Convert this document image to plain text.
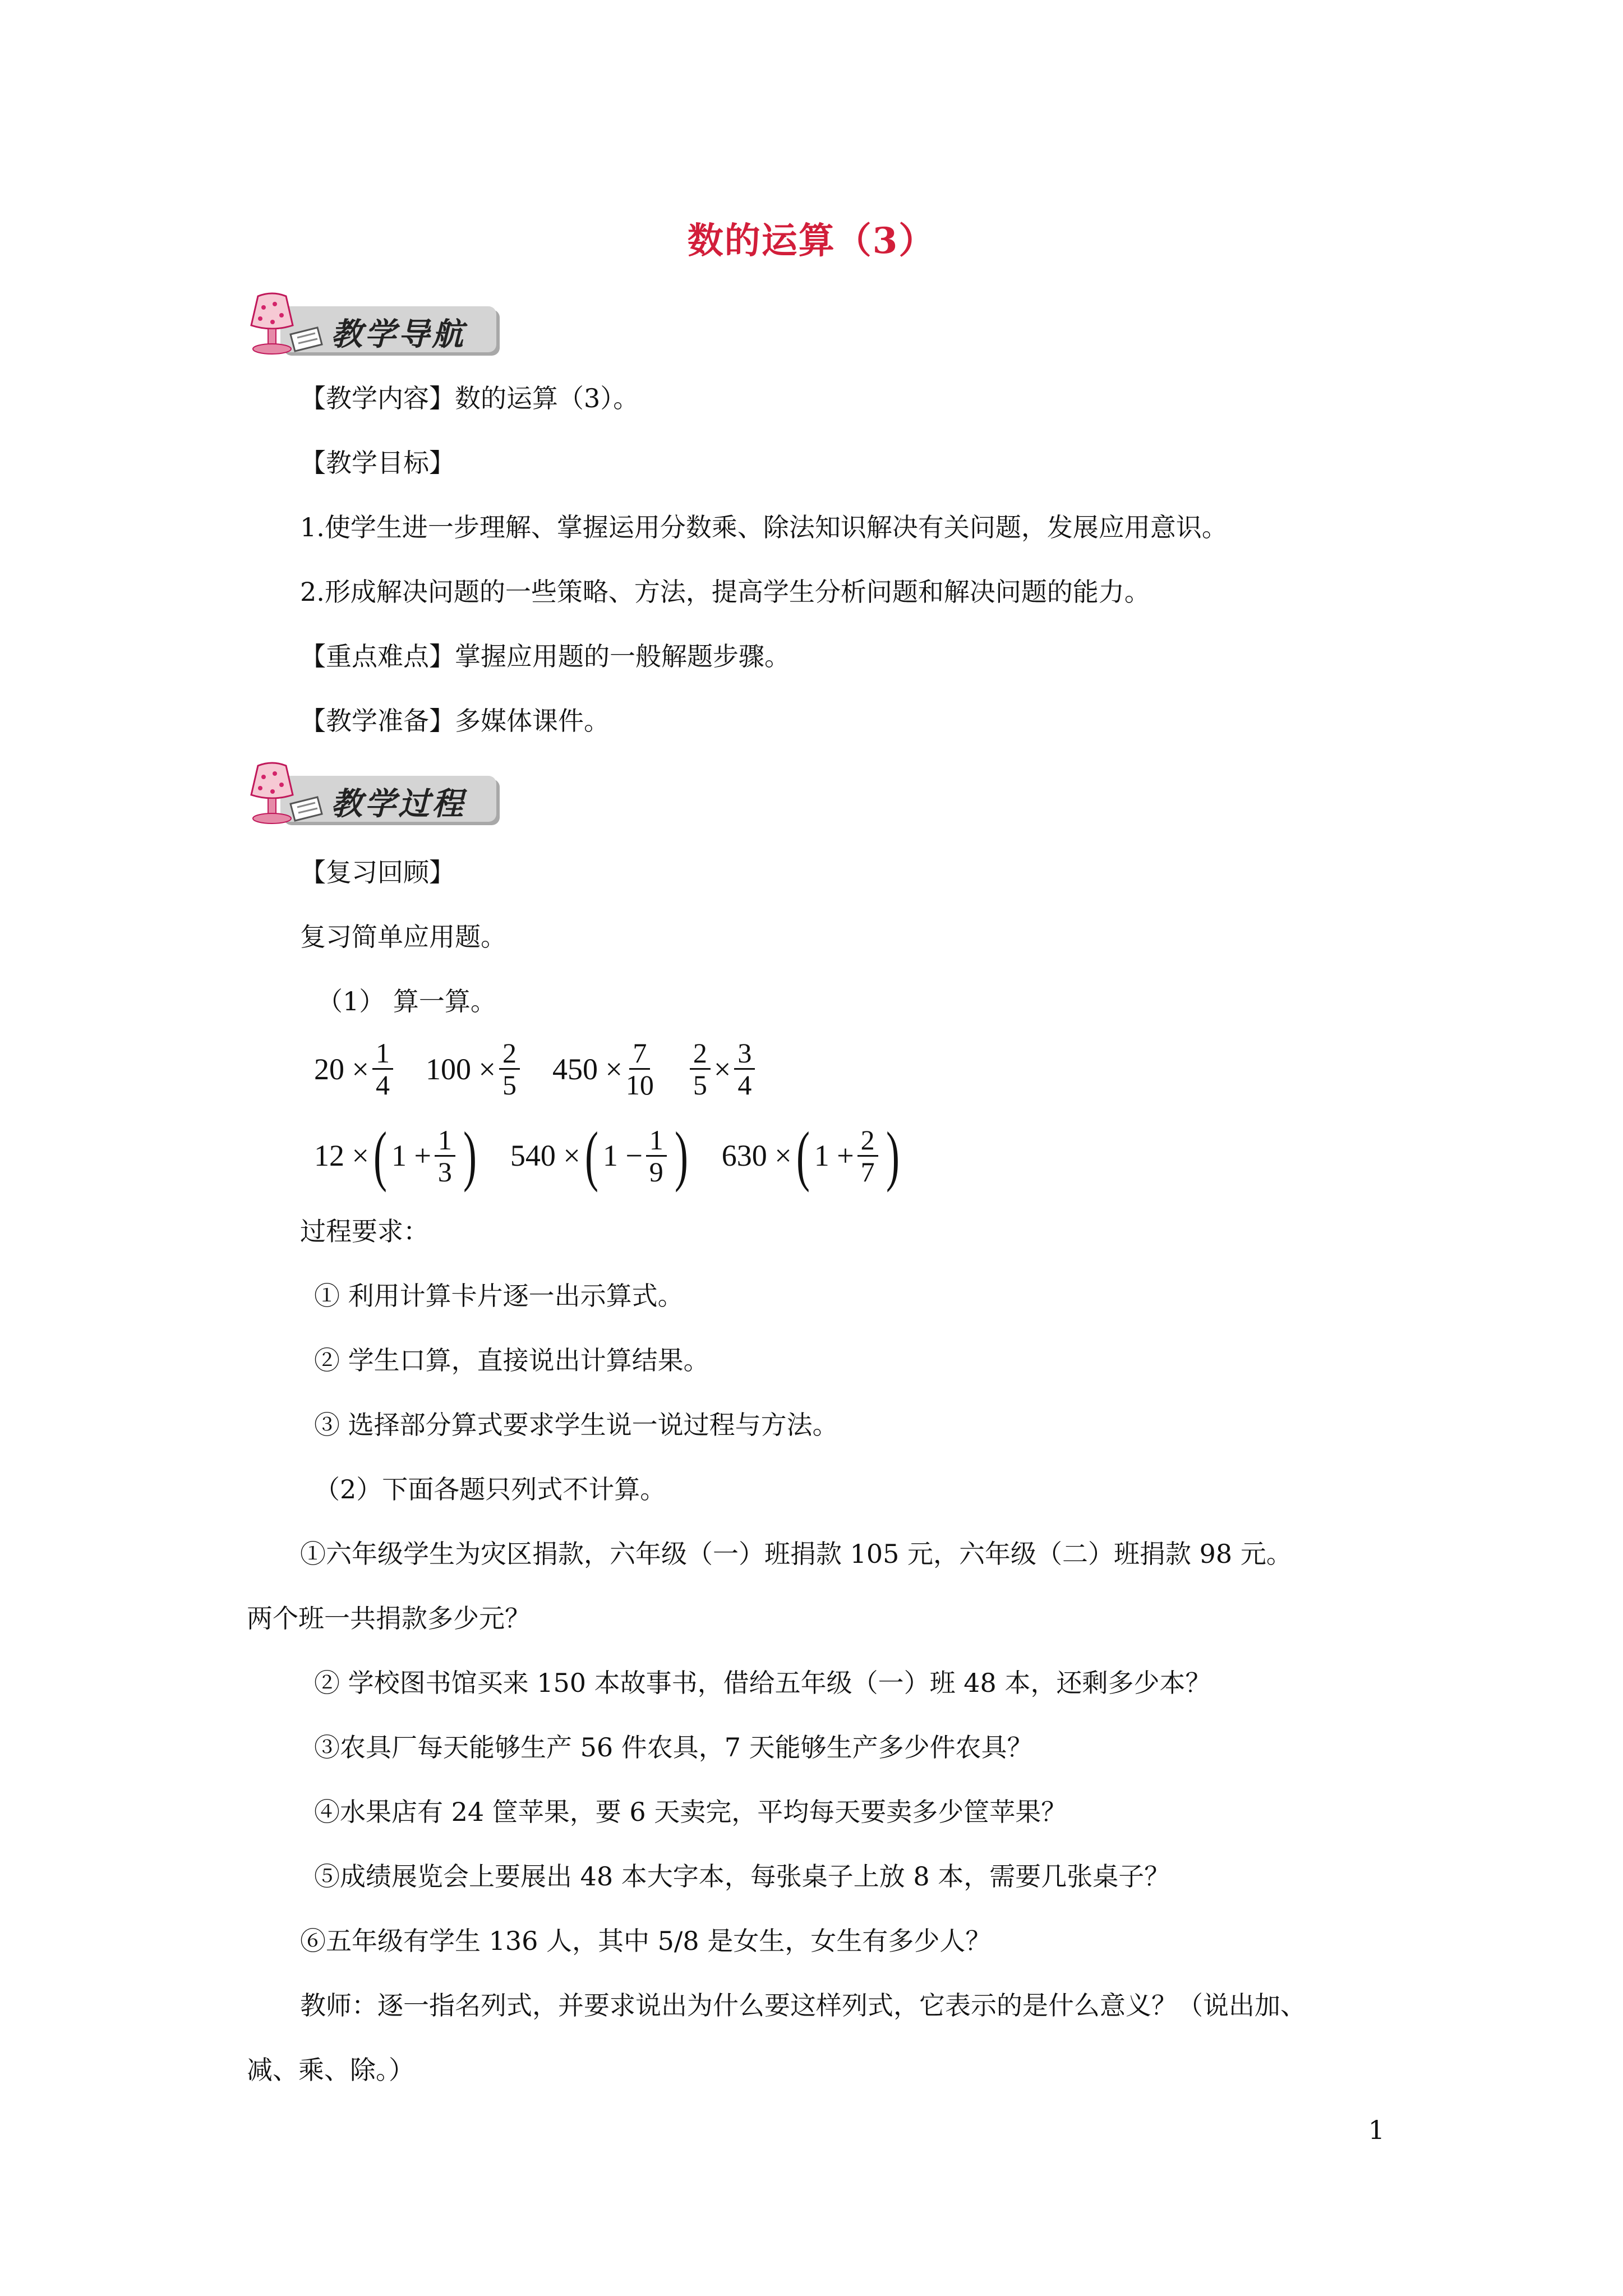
数的运算（3）
教学导航
【教学内容】数的运算（3）。
【教学目标】
1.使学生进一步理解、掌握运用分数乘、除法知识解决有关问题，发展应用意识。
2.形成解决问题的一些策略、方法，提高学生分析问题和解决问题的能力。
【重点难点】掌握应用题的一般解题步骤。
【教学准备】多媒体课件。
教学过程
【复习回顾】
复习简单应用题。
（1） 算一算。
$20 \times \frac{1}{4} 100 \times \frac{2}{5} 450 \times \frac{7}{10} \frac{2}{5} \times \frac{3}{4}$
12 × ( $1 + \frac{1}{3}$ ) 540 × ( $1 - \frac{1}{9}$ ) 630 × ( $1 + \frac{2}{7}$ )
过程要求：
① 利用计算卡片逐一出示算式。
② 学生口算，直接说出计算结果。
③ 选择部分算式要求学生说一说过程与方法。
（2）下面各题只列式不计算。
①六年级学生为灾区捐款，六年级（一）班捐款 105 元，六年级（二）班捐款 98 元。
两个班一共捐款多少元？
② 学校图书馆买来 150 本故事书，借给五年级（一）班 48 本，还剩多少本？
③农具厂每天能够生产 56 件农具，7 天能够生产多少件农具？
④水果店有 24 筐苹果，要 6 天卖完，平均每天要卖多少筐苹果？
⑤成绩展览会上要展出 48 本大字本，每张桌子上放 8 本，需要几张桌子？
⑥五年级有学生 136 人，其中 5/8 是女生，女生有多少人？
教师：逐一指名列式，并要求说出为什么要这样列式，它表示的是什么意义？（说出加、
减、乘、除。）
1
